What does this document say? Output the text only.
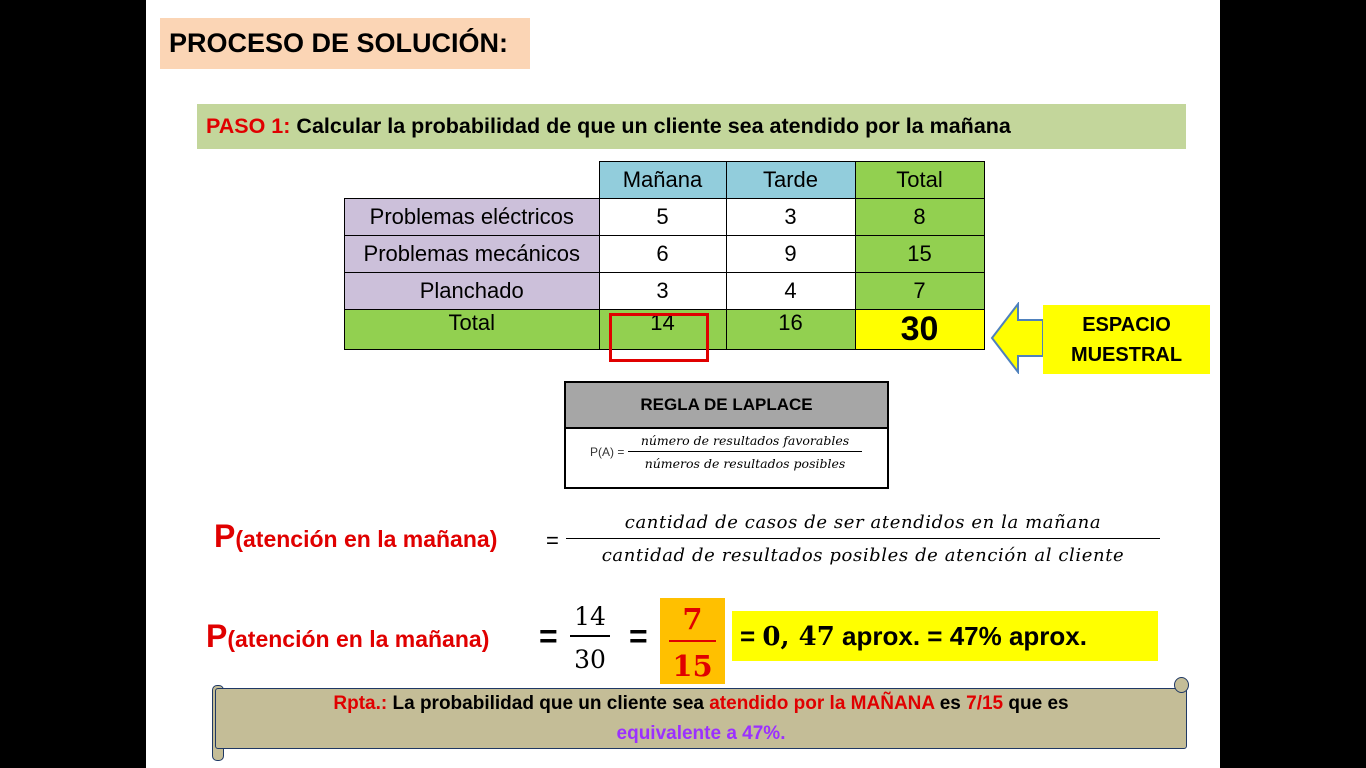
PROCESO DE SOLUCIÓN:
PASO 1: Calcular la probabilidad de que un cliente sea atendido por la mañana
	Mañana	Tarde	Total
Problemas eléctricos	5	3	8
Problemas mecánicos	6	9	15
Planchado	3	4	7
Total	14	16	30	ESPACIO MUESTRAL
REGLA DE LAPLACE
P(A) =
número de resultados favorables
números de resultados posibles
P(atención en la mañana) =
cantidad de casos de ser atendidos en la mañana
cantidad de resultados posibles de atención al cliente
P(atención en la mañana) = $\frac{14}{30} = \frac{7}{15} = 0$, 47 aprox. = 47% aprox.
Rpta.: La probabilidad que un cliente sea atendido por la MAÑANA es 7/15 que es
equivalente a 47%.
